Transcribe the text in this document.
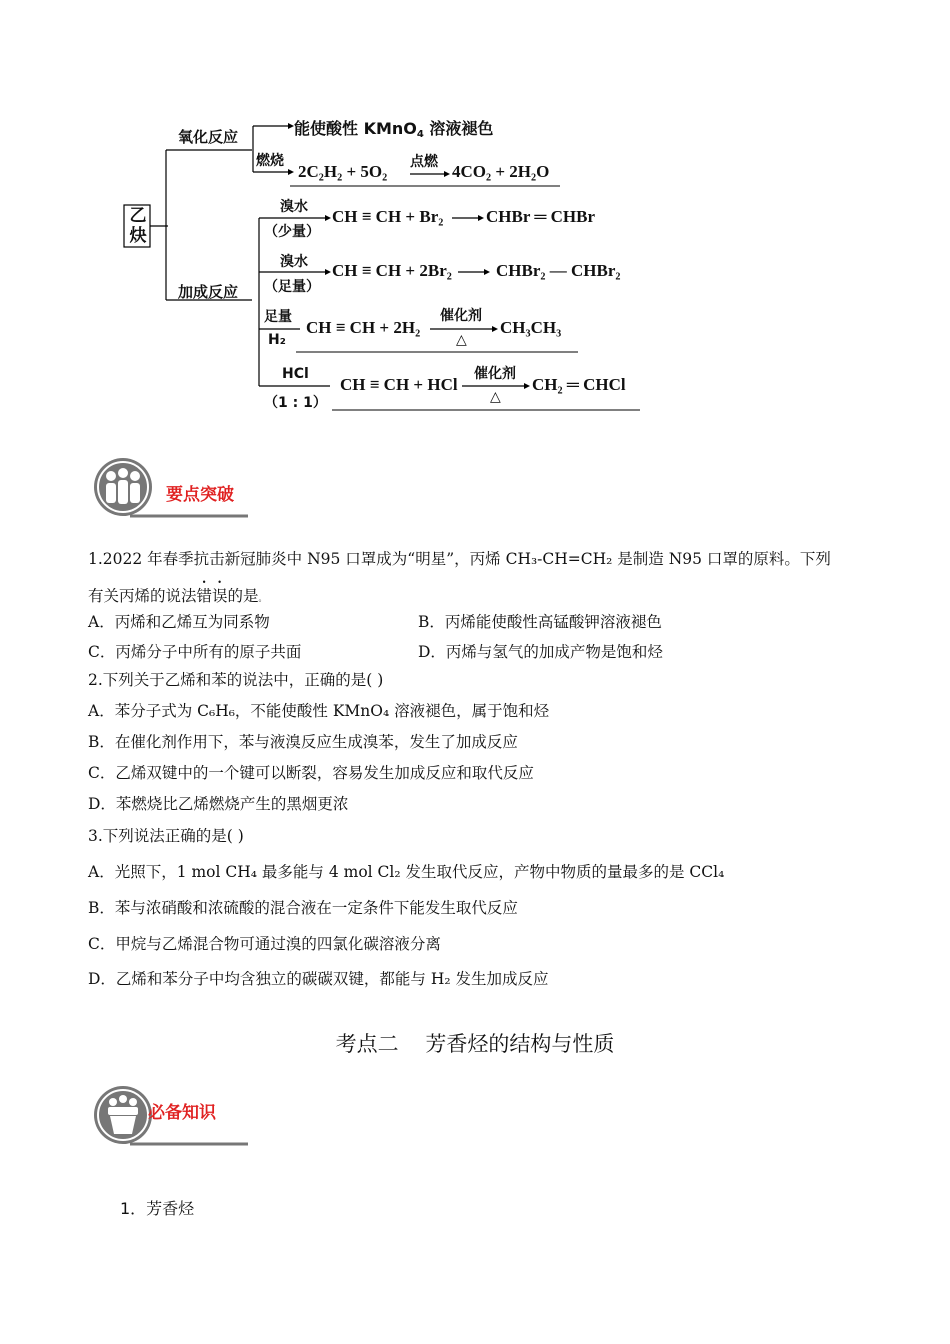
乙
炔
氧化反应
加成反应
能使酸性 KMnO$_4$ 溶液褪色
燃烧
2C₂H₂ + 5O₂ 点燃 4CO₂ + 2H₂O
溴水
（少量）
CH ≡ CH + Br₂	CHBr ═ CHBr
溴水
（足量）
CH ≡ CH + 2Br₂	CHBr₂ — CHBr₂
足量
H₂
CH ≡ CH + 2H₂
催化剂
△
CH₃CH₃
HCl
（1 : 1）
CH ≡ CH + HCl
催化剂
△
CH₂ ═ CHCl
要点突破
1.2022 年春季抗击新冠肺炎中 N95 口罩成为“明星”，丙烯 CH₃-CH=CH₂ 是制造 N95 口罩的原料。下列
有关丙烯的说法错误的是。
A．丙烯和乙烯互为同系物	B．丙烯能使酸性高锰酸钾溶液褪色
C．丙烯分子中所有的原子共面	D．丙烯与氢气的加成产物是饱和烃
2.下列关于乙烯和苯的说法中，正确的是( )
A．苯分子式为 C₆H₆，不能使酸性 KMnO₄ 溶液褪色，属于饱和烃
B．在催化剂作用下，苯与液溴反应生成溴苯，发生了加成反应
C．乙烯双键中的一个键可以断裂，容易发生加成反应和取代反应
D．苯燃烧比乙烯燃烧产生的黑烟更浓
3.下列说法正确的是( )
A．光照下，1 mol CH₄ 最多能与 4 mol Cl₂ 发生取代反应，产物中物质的量最多的是 CCl₄
B．苯与浓硝酸和浓硫酸的混合液在一定条件下能发生取代反应
C．甲烷与乙烯混合物可通过溴的四氯化碳溶液分离
D．乙烯和苯分子中均含独立的碳碳双键，都能与 H₂ 发生加成反应
考点二    芳香烃的结构与性质
必备知识
1．芳香烃
